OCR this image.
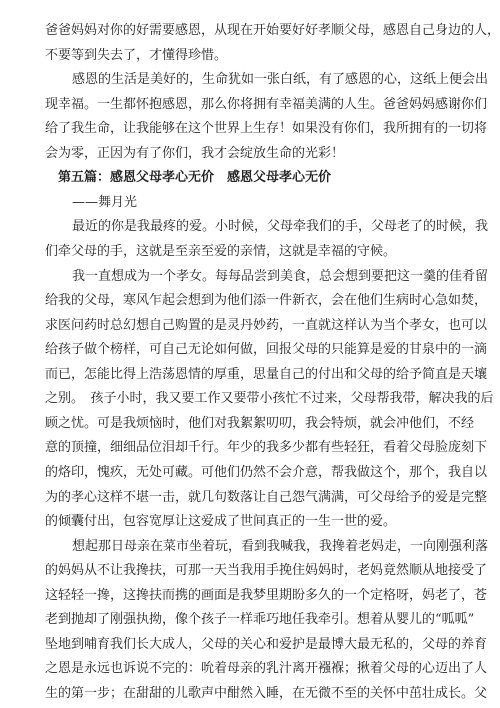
爸爸妈妈对你的好需要感恩，从现在开始要好好孝顺父母，感恩自己身边的人，

不要等到失去了，才懂得珍惜。

感恩的生活是美好的，生命犹如一张白纸，有了感恩的心，这纸上便会出

现幸福。一生都怀抱感恩，那么你将拥有幸福美满的人生。爸爸妈妈感谢你们

给了我生命，让我能够在这个世界上生存！如果没有你们，我所拥有的一切将

会为零，正因为有了你们，我才会绽放生命的光彩！

第五篇：感恩父母孝心无价　感恩父母孝心无价

——舞月光

最近的你是我最疼的爱。小时候，父母牵我们的手，父母老了的时候，我

们牵父母的手，这就是至亲至爱的亲情，这就是幸福的守候。

我一直想成为一个孝女。每每品尝到美食，总会想到要把这一羹的佳肴留

给我的父母，寒风乍起会想到为他们添一件新衣，会在他们生病时心急如焚，

求医问药时总幻想自己购置的是灵丹妙药，一直就这样认为当个孝女，也可以

给孩子做个榜样，可自己无论如何做，回报父母的只能算是爱的甘泉中的一滴

而已，怎能比得上浩荡恩情的厚重，思量自己的付出和父母的给予简直是天壤

之别。　孩子小时，我又要工作又要带小孩忙不过来，父母帮我带，解决我的后

顾之忧。可是我烦恼时，他们对我絮絮叨叨，我会特烦，就会冲他们，不经

意的顶撞，细细品位泪却千行。年少的我多少都有些轻狂，看着父母脸庞刻下

的烙印，愧疚，无处可藏。可他们仍然不会介意，帮我做这个，那个，我自以

为的孝心这样不堪一击，就几句数落让自己怨气满满，可父母给予的爱是完整

的倾囊付出，包容宽厚让这爱成了世间真正的一生一世的爱。

想起那日母亲在菜市坐着玩，看到我喊我，我搀着老妈走，一向刚强利落

的妈妈从不让我搀扶，可那一天当我用手挽住妈妈时，老妈竟然顺从地接受了

这轻轻一搀，这搀扶而携的画面是我梦里期盼多久的一个定格呀，妈老了，苍

老到抛却了刚强执拗，像个孩子一样乖巧地任我牵引。想着从婴儿的“呱呱”

坠地到哺育我们长大成人，父母的关心和爱护是最博大最无私的，父母的养育

之恩是永远也诉说不完的：吮着母亲的乳汁离开襁褓；揪着父母的心迈出了人

生的第一步；在甜甜的儿歌声中酣然入睡，在无微不至的关怀中茁壮成长。父
